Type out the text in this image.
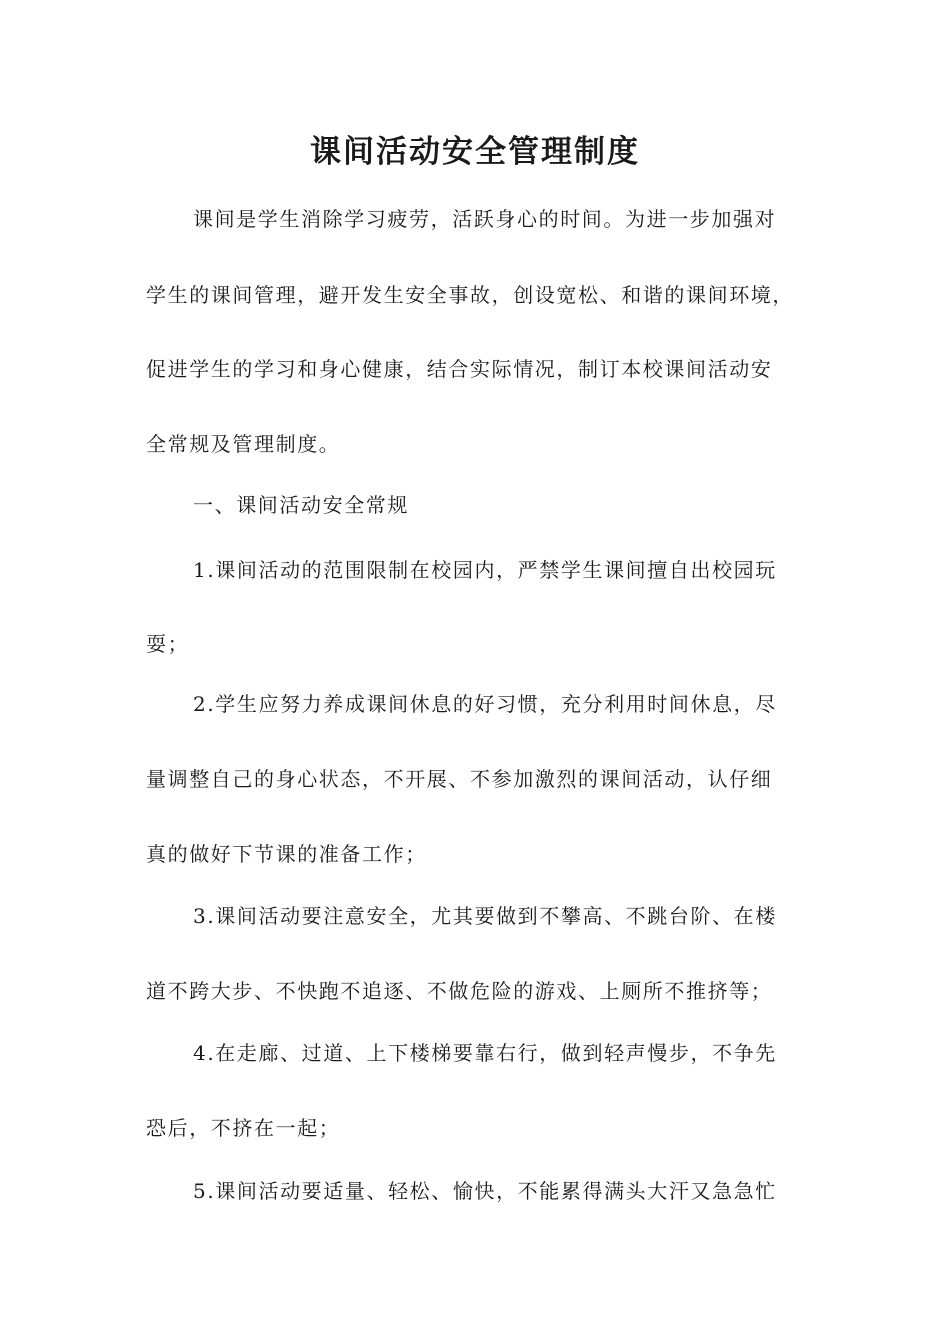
课间活动安全管理制度

课间是学生消除学习疲劳，活跃身心的时间。为进一步加强对

学生的课间管理，避开发生安全事故，创设宽松、和谐的课间环境，

促进学生的学习和身心健康，结合实际情况，制订本校课间活动安

全常规及管理制度。

一、课间活动安全常规

1.课间活动的范围限制在校园内，严禁学生课间擅自出校园玩

耍；

2.学生应努力养成课间休息的好习惯，充分利用时间休息，尽

量调整自己的身心状态，不开展、不参加激烈的课间活动，认仔细

真的做好下节课的准备工作；

3.课间活动要注意安全，尤其要做到不攀高、不跳台阶、在楼

道不跨大步、不快跑不追逐、不做危险的游戏、上厕所不推挤等；

4.在走廊、过道、上下楼梯要靠右行，做到轻声慢步，不争先

恐后，不挤在一起；

5.课间活动要适量、轻松、愉快，不能累得满头大汗又急急忙
